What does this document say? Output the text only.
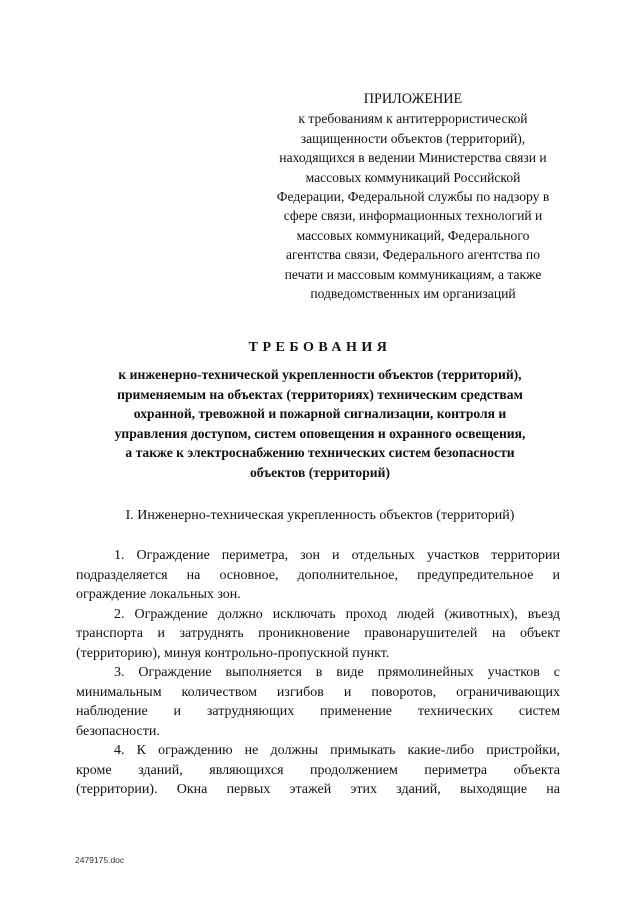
ПРИЛОЖЕНИЕ
к требованиям к антитеррористической
защищенности объектов (территорий),
находящихся в ведении Министерства связи и
массовых коммуникаций Российской
Федерации, Федеральной службы по надзору в
сфере связи, информационных технологий и
массовых коммуникаций, Федерального
агентства связи, Федерального агентства по
печати и массовым коммуникациям, а также
подведомственных им организаций
ТРЕБОВАНИЯ
к инженерно-технической укрепленности объектов (территорий),
применяемым на объектах (территориях) техническим средствам
охранной, тревожной и пожарной сигнализации, контроля и
управления доступом, систем оповещения и охранного освещения,
а также к электроснабжению технических систем безопасности
объектов (территорий)
I. Инженерно-техническая укрепленность объектов (территорий)
1. Ограждение периметра, зон и отдельных участков территории
подразделяется на основное, дополнительное, предупредительное и
ограждение локальных зон.
2. Ограждение должно исключать проход людей (животных), въезд
транспорта и затруднять проникновение правонарушителей на объект
(территорию), минуя контрольно-пропускной пункт.
3. Ограждение выполняется в виде прямолинейных участков с
минимальным количеством изгибов и поворотов, ограничивающих
наблюдение и затрудняющих применение технических систем
безопасности.
4. К ограждению не должны примыкать какие-либо пристройки,
кроме зданий, являющихся продолжением периметра объекта
(территории). Окна первых этажей этих зданий, выходящие на
2479175.doc
